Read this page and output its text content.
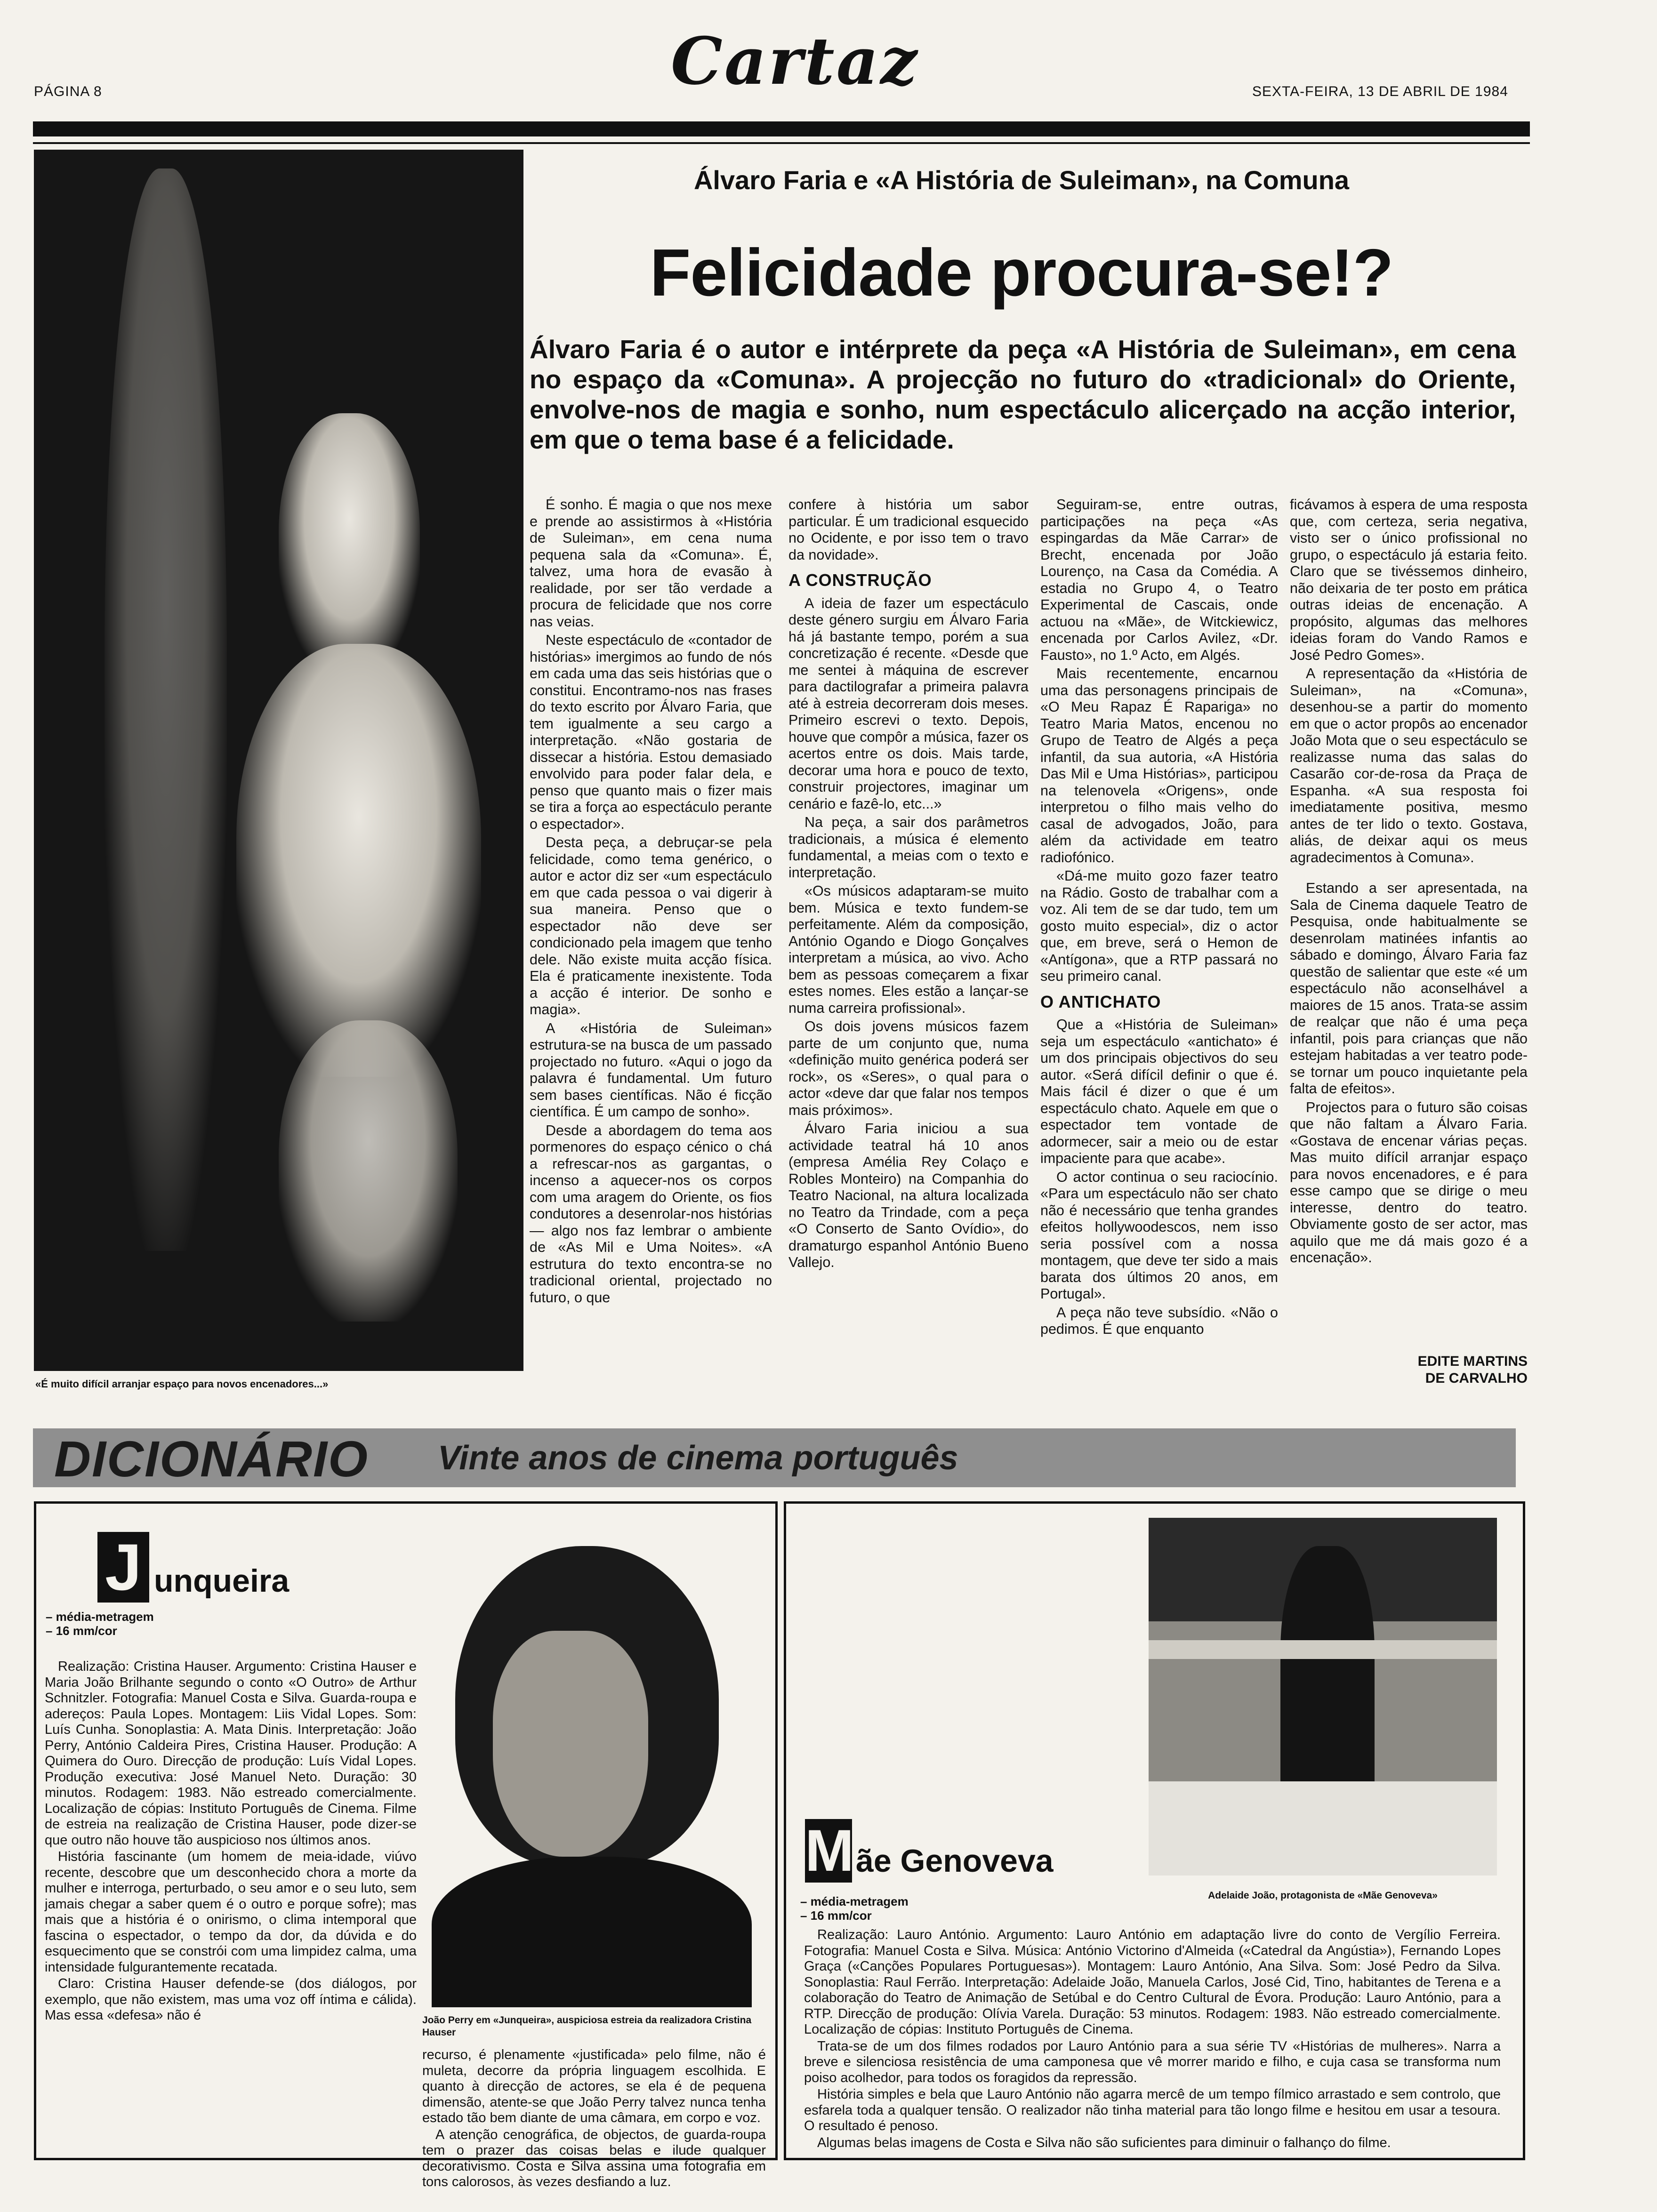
PÁGINA 8	Cartaz	SEXTA-FEIRA, 13 DE ABRIL DE 1984
«É muito difícil arranjar espaço para novos encenadores...»
Álvaro Faria e «A História de Suleiman», na Comuna
Felicidade procura-se!?
Álvaro Faria é o autor e intérprete da peça «A História de Suleiman», em cena no espaço da «Comuna». A projecção no futuro do «tradicional» do Oriente, envolve-nos de magia e sonho, num espectáculo alicerçado na acção interior, em que o tema base é a felicidade.

É sonho. É magia o que nos mexe e prende ao assistirmos à «História de Suleiman», em cena numa pequena sala da «Comuna». É, talvez, uma hora de evasão à realidade, por ser tão verdade a procura de felicidade que nos corre nas veias.

Neste espectáculo de «contador de histórias» imergimos ao fundo de nós em cada uma das seis histórias que o constitui. Encontramo-nos nas frases do texto escrito por Álvaro Faria, que tem igualmente a seu cargo a interpretação. «Não gostaria de dissecar a história. Estou demasiado envolvido para poder falar dela, e penso que quanto mais o fizer mais se tira a força ao espectáculo perante o espectador».

Desta peça, a debruçar-se pela felicidade, como tema genérico, o autor e actor diz ser «um espectáculo em que cada pessoa o vai digerir à sua maneira. Penso que o espectador não deve ser condicionado pela imagem que tenho dele. Não existe muita acção física. Ela é praticamente inexistente. Toda a acção é interior. De sonho e magia».

A «História de Suleiman» estrutura-se na busca de um passado projectado no futuro. «Aqui o jogo da palavra é fundamental. Um futuro sem bases científicas. Não é ficção científica. É um campo de sonho».

Desde a abordagem do tema aos pormenores do espaço cénico o chá a refrescar-nos as gargantas, o incenso a aquecer-nos os corpos com uma aragem do Oriente, os fios condutores a desenrolar-nos histórias — algo nos faz lembrar o ambiente de «As Mil e Uma Noites». «A estrutura do texto encontra-se no tradicional oriental, projectado no futuro, o que

confere à história um sabor particular. É um tradicional esquecido no Ocidente, e por isso tem o travo da novidade».

A CONSTRUÇÃO

A ideia de fazer um espectáculo deste género surgiu em Álvaro Faria há já bastante tempo, porém a sua concretização é recente. «Desde que me sentei à máquina de escrever para dactilografar a primeira palavra até à estreia decorreram dois meses. Primeiro escrevi o texto. Depois, houve que compôr a música, fazer os acertos entre os dois. Mais tarde, decorar uma hora e pouco de texto, construir projectores, imaginar um cenário e fazê-lo, etc...»

Na peça, a sair dos parâmetros tradicionais, a música é elemento fundamental, a meias com o texto e interpretação.

«Os músicos adaptaram-se muito bem. Música e texto fundem-se perfeitamente. Além da composição, António Ogando e Diogo Gonçalves interpretam a música, ao vivo. Acho bem as pessoas começarem a fixar estes nomes. Eles estão a lançar-se numa carreira profissional».

Os dois jovens músicos fazem parte de um conjunto que, numa «definição muito genérica poderá ser rock», os «Seres», o qual para o actor «deve dar que falar nos tempos mais próximos».

Álvaro Faria iniciou a sua actividade teatral há 10 anos (empresa Amélia Rey Colaço e Robles Monteiro) na Companhia do Teatro Nacional, na altura localizada no Teatro da Trindade, com a peça «O Conserto de Santo Ovídio», do dramaturgo espanhol António Bueno Vallejo.

Seguiram-se, entre outras, participações na peça «As espingardas da Mãe Carrar» de Brecht, encenada por João Lourenço, na Casa da Comédia. A estadia no Grupo 4, o Teatro Experimental de Cascais, onde actuou na «Mãe», de Witckiewicz, encenada por Carlos Avilez, «Dr. Fausto», no 1.º Acto, em Algés.

Mais recentemente, encarnou uma das personagens principais de «O Meu Rapaz É Rapariga» no Teatro Maria Matos, encenou no Grupo de Teatro de Algés a peça infantil, da sua autoria, «A História Das Mil e Uma Histórias», participou na telenovela «Origens», onde interpretou o filho mais velho do casal de advogados, João, para além da actividade em teatro radiofónico.

«Dá-me muito gozo fazer teatro na Rádio. Gosto de trabalhar com a voz. Ali tem de se dar tudo, tem um gosto muito especial», diz o actor que, em breve, será o Hemon de «Antígona», que a RTP passará no seu primeiro canal.

O ANTICHATO

Que a «História de Suleiman» seja um espectáculo «antichato» é um dos principais objectivos do seu autor. «Será difícil definir o que é. Mais fácil é dizer o que é um espectáculo chato. Aquele em que o espectador tem vontade de adormecer, sair a meio ou de estar impaciente para que acabe».

O actor continua o seu raciocínio. «Para um espectáculo não ser chato não é necessário que tenha grandes efeitos hollywoodescos, nem isso seria possível com a nossa montagem, que deve ter sido a mais barata dos últimos 20 anos, em Portugal».

A peça não teve subsídio. «Não o pedimos. É que enquanto

ficávamos à espera de uma resposta que, com certeza, seria negativa, visto ser o único profissional no grupo, o espectáculo já estaria feito. Claro que se tivéssemos dinheiro, não deixaria de ter posto em prática outras ideias de encenação. A propósito, algumas das melhores ideias foram do Vando Ramos e José Pedro Gomes».

A representação da «História de Suleiman», na «Comuna», desenhou-se a partir do momento em que o actor propôs ao encenador João Mota que o seu espectáculo se realizasse numa das salas do Casarão cor-de-rosa da Praça de Espanha. «A sua resposta foi imediatamente positiva, mesmo antes de ter lido o texto. Gostava, aliás, de deixar aqui os meus agradecimentos à Comuna».

Estando a ser apresentada, na Sala de Cinema daquele Teatro de Pesquisa, onde habitualmente se desenrolam matinées infantis ao sábado e domingo, Álvaro Faria faz questão de salientar que este «é um espectáculo não aconselhável a maiores de 15 anos. Trata-se assim de realçar que não é uma peça infantil, pois para crianças que não estejam habitadas a ver teatro pode-se tornar um pouco inquietante pela falta de efeitos».

Projectos para o futuro são coisas que não faltam a Álvaro Faria. «Gostava de encenar várias peças. Mas muito difícil arranjar espaço para novos encenadores, e é para esse campo que se dirige o meu interesse, dentro do teatro. Obviamente gosto de ser actor, mas aquilo que me dá mais gozo é a encenação».

EDITE MARTINS
DE CARVALHO
DICIONÁRIO Vinte anos de cinema português
J unqueira
– média-metragem
– 16 mm/cor

Realização: Cristina Hauser. Argumento: Cristina Hauser e Maria João Brilhante segundo o conto «O Outro» de Arthur Schnitzler. Fotografia: Manuel Costa e Silva. Guarda-roupa e adereços: Paula Lopes. Montagem: Liis Vidal Lopes. Som: Luís Cunha. Sonoplastia: A. Mata Dinis. Interpretação: João Perry, António Caldeira Pires, Cristina Hauser. Produção: A Quimera do Ouro. Direcção de produção: Luís Vidal Lopes. Produção executiva: José Manuel Neto. Duração: 30 minutos. Rodagem: 1983. Não estreado comercialmente. Localização de cópias: Instituto Português de Cinema. Filme de estreia na realização de Cristina Hauser, pode dizer-se que outro não houve tão auspicioso nos últimos anos.

História fascinante (um homem de meia-idade, viúvo recente, descobre que um desconhecido chora a morte da mulher e interroga, perturbado, o seu amor e o seu luto, sem jamais chegar a saber quem é o outro e porque sofre); mas mais que a história é o onirismo, o clima intemporal que fascina o espectador, o tempo da dor, da dúvida e do esquecimento que se constrói com uma limpidez calma, uma intensidade fulgurantemente recatada.

Claro: Cristina Hauser defende-se (dos diálogos, por exemplo, que não existem, mas uma voz off íntima e cálida). Mas essa «defesa» não é	João Perry em «Junqueira», auspiciosa estreia da realizadora Cristina Hauser

recurso, é plenamente «justificada» pelo filme, não é muleta, decorre da própria linguagem escolhida. E quanto à direcção de actores, se ela é de pequena dimensão, atente-se que João Perry talvez nunca tenha estado tão bem diante de uma câmara, em corpo e voz.

A atenção cenográfica, de objectos, de guarda-roupa tem o prazer das coisas belas e ilude qualquer decorativismo. Costa e Silva assina uma fotografia em tons calorosos, às vezes desfiando a luz.

Adelaide João, protagonista de «Mãe Genoveva»
M ãe Genoveva
– média-metragem
– 16 mm/cor

Realização: Lauro António. Argumento: Lauro António em adaptação livre do conto de Vergílio Ferreira. Fotografia: Manuel Costa e Silva. Música: António Victorino d'Almeida («Catedral da Angústia»), Fernando Lopes Graça («Canções Populares Portuguesas»). Montagem: Lauro António, Ana Silva. Som: José Pedro da Silva. Sonoplastia: Raul Ferrão. Interpretação: Adelaide João, Manuela Carlos, José Cid, Tino, habitantes de Terena e a colaboração do Teatro de Animação de Setúbal e do Centro Cultural de Évora. Produção: Lauro António, para a RTP. Direcção de produção: Olívia Varela. Duração: 53 minutos. Rodagem: 1983. Não estreado comercialmente. Localização de cópias: Instituto Português de Cinema.

Trata-se de um dos filmes rodados por Lauro António para a sua série TV «Histórias de mulheres». Narra a breve e silenciosa resistência de uma camponesa que vê morrer marido e filho, e cuja casa se transforma num poiso acolhedor, para todos os foragidos da repressão.

História simples e bela que Lauro António não agarra mercê de um tempo fílmico arrastado e sem controlo, que esfarela toda a qualquer tensão. O realizador não tinha material para tão longo filme e hesitou em usar a tesoura. O resultado é penoso.

Algumas belas imagens de Costa e Silva não são suficientes para diminuir o falhanço do filme.
